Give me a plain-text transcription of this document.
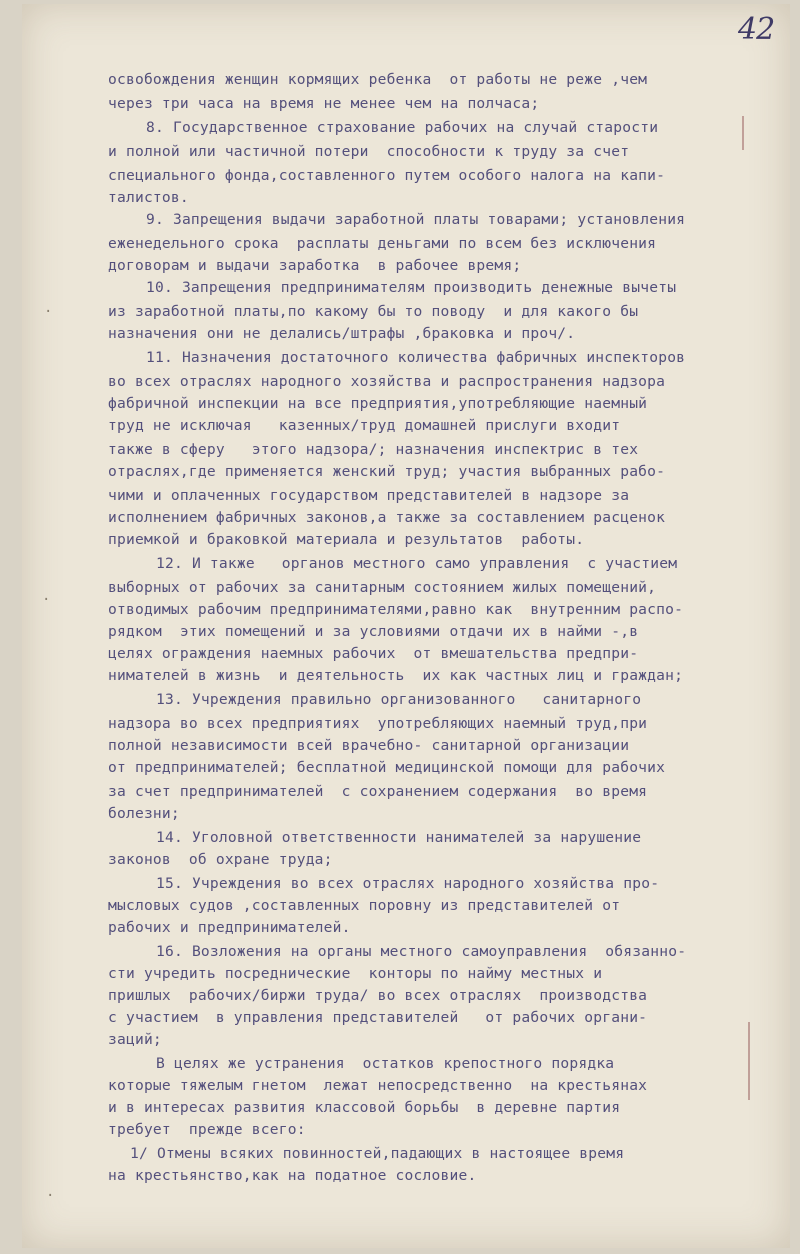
42
·
·
·
освобождения женщин кормящих ребенка  от работы не реже ,чем
через три часа на время не менее чем на полчаса;
8. Государственное страхование рабочих на случай старости
и полной или частичной потери  способности к труду за счет
специального фонда,составленного путем особого налога на капи-
талистов.
9. Запрещения выдачи заработной платы товарами; установления
еженедельного срока  расплаты деньгами по всем без исключения
договорам и выдачи заработка  в рабочее время;
10. Запрещения предпринимателям производить денежные вычеты
из заработной платы,по какому бы то поводу  и для какого бы
назначения они не делались/штрафы ,браковка и проч/.
11. Назначения достаточного количества фабричных инспекторов
во всех отраслях народного хозяйства и распространения надзора
фабричной инспекции на все предприятия,употребляющие наемный
труд не исключая   казенных/труд домашней прислуги входит
также в сферу   этого надзора/; назначения инспектрис в тех
отраслях,где применяется женский труд; участия выбранных рабо-
чими и оплаченных государством представителей в надзоре за
исполнением фабричных законов,а также за составлением расценок
приемкой и браковкой материала и результатов  работы.
12. И также   органов местного само управления  с участием
выборных от рабочих за санитарным состоянием жилых помещений,
отводимых рабочим предпринимателями,равно как  внутренним распо-
рядком  этих помещений и за условиями отдачи их в найми -,в
целях ограждения наемных рабочих  от вмешательства предпри-
нимателей в жизнь  и деятельность  их как частных лиц и граждан;
13. Учреждения правильно организованного   санитарного
надзора во всех предприятиях  употребляющих наемный труд,при
полной независимости всей врачебно- санитарной организации
от предпринимателей; бесплатной медицинской помощи для рабочих
за счет предпринимателей  с сохранением содержания  во время
болезни;
14. Уголовной ответственности нанимателей за нарушение
законов  об охране труда;
15. Учреждения во всех отраслях народного хозяйства про-
мысловых судов ,составленных поровну из представителей от
рабочих и предпринимателей.
16. Возложения на органы местного самоуправления  обязанно-
сти учредить посреднические  конторы по найму местных и
пришлых  рабочих/биржи труда/ во всех отраслях  производства
с участием  в управления представителей   от рабочих органи-
заций;
В целях же устранения  остатков крепостного порядка
которые тяжелым гнетом  лежат непосредственно  на крестьянах
и в интересах развития классовой борьбы  в деревне партия
требует  прежде всего:
1/ Отмены всяких повинностей,падающих в настоящее время
на крестьянство,как на податное сословие.
